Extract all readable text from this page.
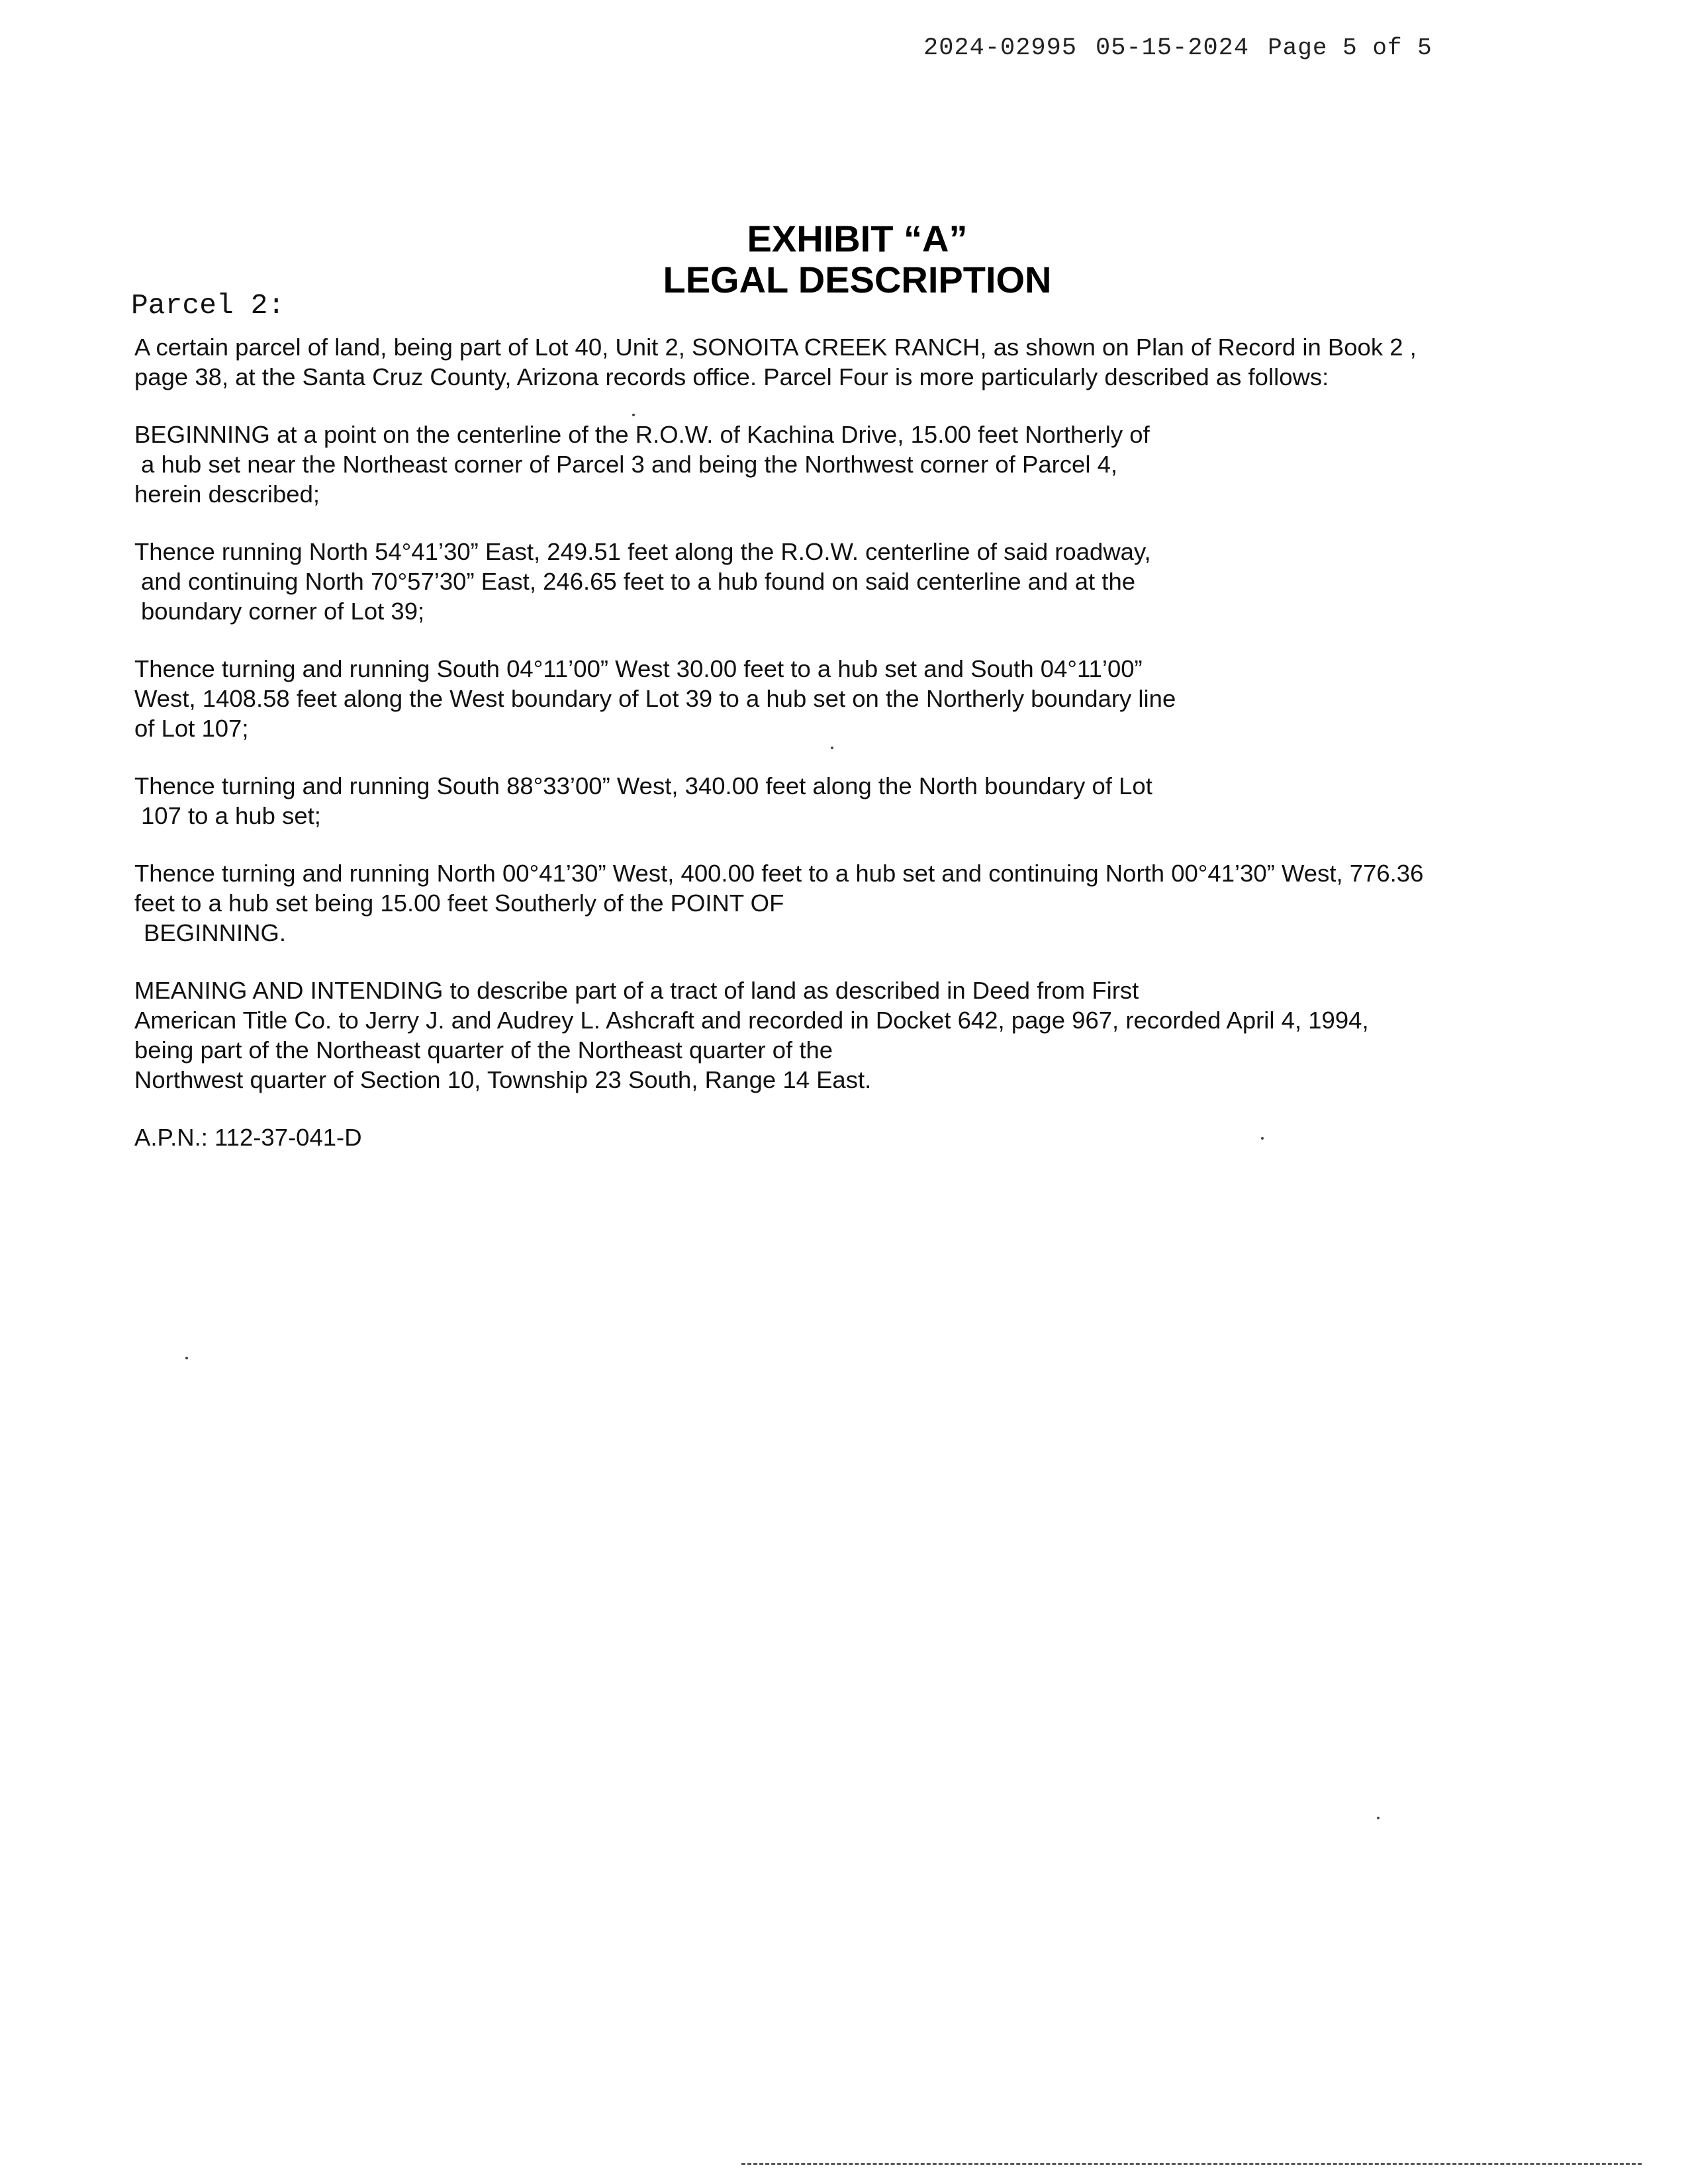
2024-02995 05-15-2024 Page 5 of 5
EXHIBIT “A”
LEGAL DESCRIPTION
Parcel 2:

A certain parcel of land, being part of Lot 40, Unit 2, SONOITA CREEK RANCH, as shown on Plan of Record in Book 2 ,
page 38, at the Santa Cruz County, Arizona records office. Parcel Four is more particularly described as follows:

BEGINNING at a point on the centerline of the R.O.W. of Kachina Drive, 15.00 feet Northerly of
a hub set near the Northeast corner of Parcel 3 and being the Northwest corner of Parcel 4,
herein described;

Thence running North 54°41’30” East, 249.51 feet along the R.O.W. centerline of said roadway,
and continuing North 70°57’30” East, 246.65 feet to a hub found on said centerline and at the
boundary corner of Lot 39;

Thence turning and running South 04°11’00” West 30.00 feet to a hub set and South 04°11’00”
West, 1408.58 feet along the West boundary of Lot 39 to a hub set on the Northerly boundary line
of Lot 107;

Thence turning and running South 88°33’00” West, 340.00 feet along the North boundary of Lot
107 to a hub set;

Thence turning and running North 00°41’30” West, 400.00 feet to a hub set and continuing North 00°41’30” West, 776.36
feet to a hub set being 15.00 feet Southerly of the POINT OF
BEGINNING.

MEANING AND INTENDING to describe part of a tract of land as described in Deed from First
American Title Co. to Jerry J. and Audrey L. Ashcraft and recorded in Docket 642, page 967, recorded April 4, 1994,
being part of the Northeast quarter of the Northeast quarter of the
Northwest quarter of Section 10, Township 23 South, Range 14 East.

A.P.N.: 112-37-041-D
